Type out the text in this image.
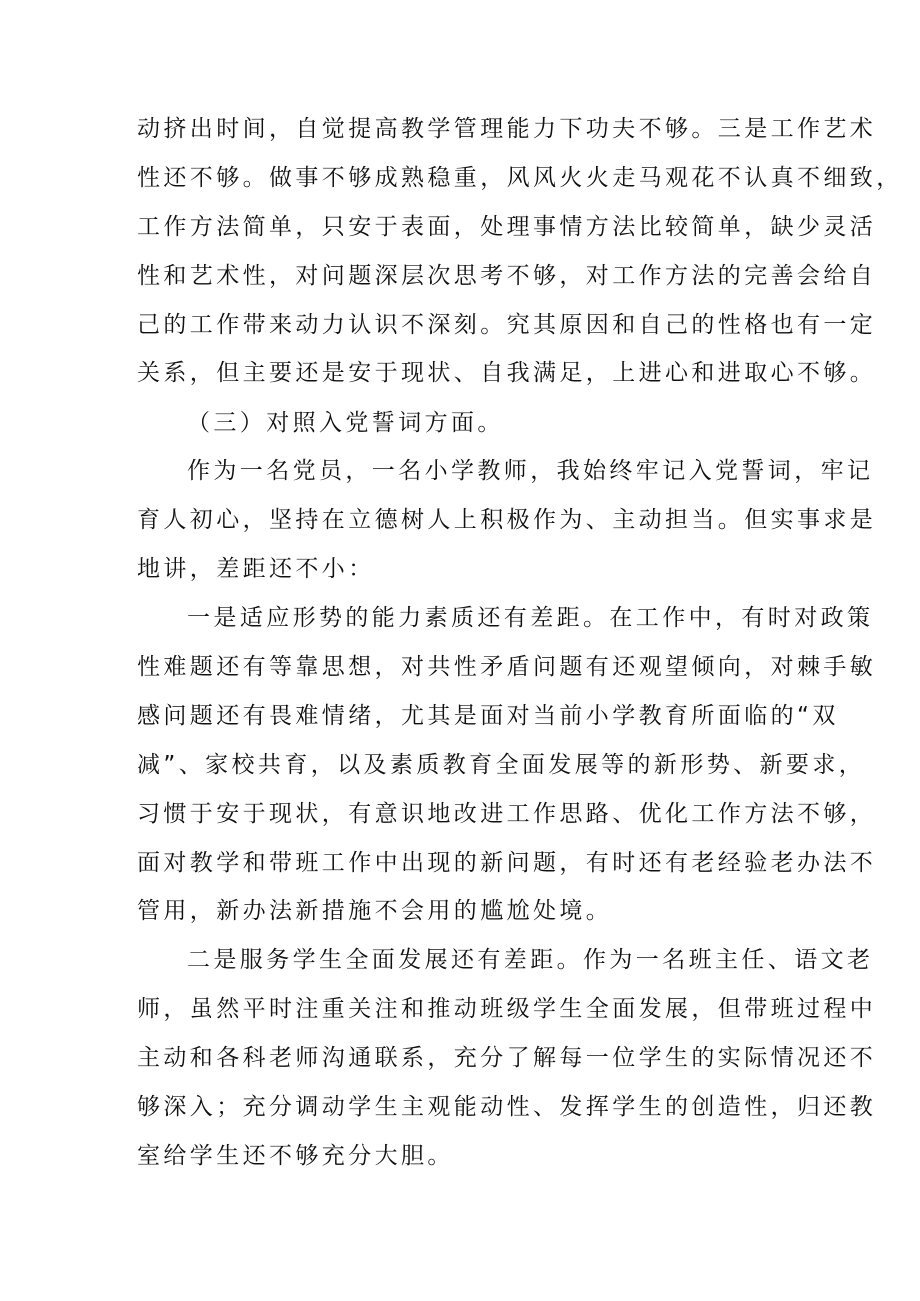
动挤出时间，自觉提高教学管理能力下功夫不够。三是工作艺术
性还不够。做事不够成熟稳重，风风火火走马观花不认真不细致，
工作方法简单，只安于表面，处理事情方法比较简单，缺少灵活
性和艺术性，对问题深层次思考不够，对工作方法的完善会给自
己的工作带来动力认识不深刻。究其原因和自己的性格也有一定
关系，但主要还是安于现状、自我满足，上进心和进取心不够。
（三）对照入党誓词方面。
作为一名党员，一名小学教师，我始终牢记入党誓词，牢记
育人初心，坚持在立德树人上积极作为、主动担当。但实事求是
地讲，差距还不小：
一是适应形势的能力素质还有差距。在工作中，有时对政策
性难题还有等靠思想，对共性矛盾问题有还观望倾向，对棘手敏
感问题还有畏难情绪，尤其是面对当前小学教育所面临的“双
减”、家校共育，以及素质教育全面发展等的新形势、新要求，
习惯于安于现状，有意识地改进工作思路、优化工作方法不够，
面对教学和带班工作中出现的新问题，有时还有老经验老办法不
管用，新办法新措施不会用的尴尬处境。
二是服务学生全面发展还有差距。作为一名班主任、语文老
师，虽然平时注重关注和推动班级学生全面发展，但带班过程中
主动和各科老师沟通联系，充分了解每一位学生的实际情况还不
够深入；充分调动学生主观能动性、发挥学生的创造性，归还教
室给学生还不够充分大胆。
